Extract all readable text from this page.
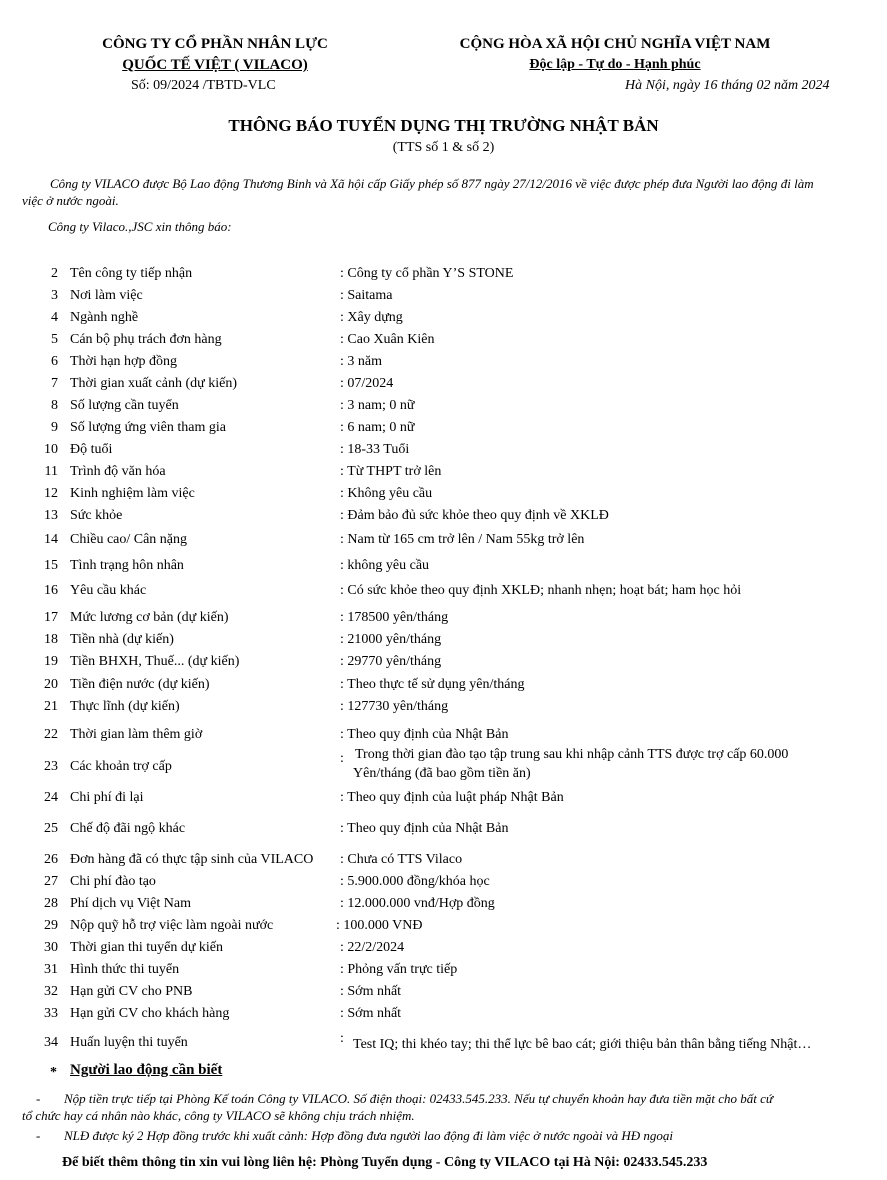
CÔNG TY CỔ PHẦN NHÂN LỰC
QUỐC TẾ VIỆT ( VILACO)
Số: 09/2024 /TBTD-VLC
CỘNG HÒA XÃ HỘI CHỦ NGHĨA VIỆT NAM
Độc lập - Tự do - Hạnh phúc
Hà Nội, ngày 16 tháng 02 năm 2024
THÔNG BÁO TUYỂN DỤNG THỊ TRƯỜNG NHẬT BẢN
(TTS số 1 & số 2)
Công ty VILACO được Bộ Lao động Thương Binh và Xã hội cấp Giấy phép số 877 ngày 27/12/2016 về việc được phép đưa Người lao động đi làm
việc ở nước ngoài.
Công ty Vilaco.,JSC xin thông báo:
2 Tên công ty tiếp nhận	: Công ty cổ phần Y’S STONE
3 Nơi làm việc	: Saitama
4 Ngành nghề	: Xây dựng
5 Cán bộ phụ trách đơn hàng	: Cao Xuân Kiên
6 Thời hạn hợp đồng	: 3 năm
7 Thời gian xuất cảnh (dự kiến)	: 07/2024
8 Số lượng cần tuyển	: 3 nam; 0 nữ
9 Số lượng ứng viên tham gia	: 6 nam; 0 nữ
10 Độ tuổi	: 18-33 Tuổi
11 Trình độ văn hóa	: Từ THPT trở lên
12 Kinh nghiệm làm việc	: Không yêu cầu
13 Sức khỏe	: Đảm bảo đủ sức khỏe theo quy định về XKLĐ
14 Chiều cao/ Cân nặng	: Nam từ 165 cm trở lên / Nam 55kg trở lên
15 Tình trạng hôn nhân	: không yêu cầu
16 Yêu cầu khác	: Có sức khỏe theo quy định XKLĐ; nhanh nhẹn; hoạt bát; ham học hỏi
17 Mức lương cơ bản (dự kiến)	: 178500 yên/tháng
18 Tiền nhà (dự kiến)	: 21000 yên/tháng
19 Tiền BHXH, Thuế... (dự kiến)	: 29770 yên/tháng
20 Tiền điện nước (dự kiến)	: Theo thực tế sử dụng yên/tháng
21 Thực lĩnh (dự kiến)	: 127730 yên/tháng
22 Thời gian làm thêm giờ	: Theo quy định của Nhật Bản
23 Các khoản trợ cấp
: Trong thời gian đào tạo tập trung sau khi nhập cảnh TTS được trợ cấp 60.000
Yên/tháng (đã bao gồm tiền ăn)
24 Chi phí đi lại	: Theo quy định của luật pháp Nhật Bản
25 Chế độ đãi ngộ khác	: Theo quy định của Nhật Bản
26 Đơn hàng đã có thực tập sinh của VILACO : Chưa có TTS Vilaco
27 Chi phí đào tạo	: 5.900.000 đồng/khóa học
28 Phí dịch vụ Việt Nam	: 12.000.000 vnđ/Hợp đồng
29 Nộp quỹ hỗ trợ việc làm ngoài nước	: 100.000 VNĐ
30 Thời gian thi tuyển dự kiến	: 22/2/2024
31 Hình thức thi tuyển	: Phỏng vấn trực tiếp
32 Hạn gửi CV cho PNB	: Sớm nhất
33 Hạn gửi CV cho khách hàng	: Sớm nhất
34 Huấn luyện thi tuyển	: Test IQ; thi khéo tay; thi thể lực bê bao cát; giới thiệu bản thân bằng tiếng Nhật…
* Người lao động cần biết
- Nộp tiền trực tiếp tại Phòng Kế toán Công ty VILACO. Số điện thoại: 02433.545.233. Nếu tự chuyển khoản hay đưa tiền mặt cho bất cứ
tổ chức hay cá nhân nào khác, công ty VILACO sẽ không chịu trách nhiệm.
- NLĐ được ký 2 Hợp đồng trước khi xuất cảnh: Hợp đồng đưa người lao động đi làm việc ở nước ngoài và HĐ ngoại
Để biết thêm thông tin xin vui lòng liên hệ: Phòng Tuyển dụng - Công ty VILACO tại Hà Nội: 02433.545.233
